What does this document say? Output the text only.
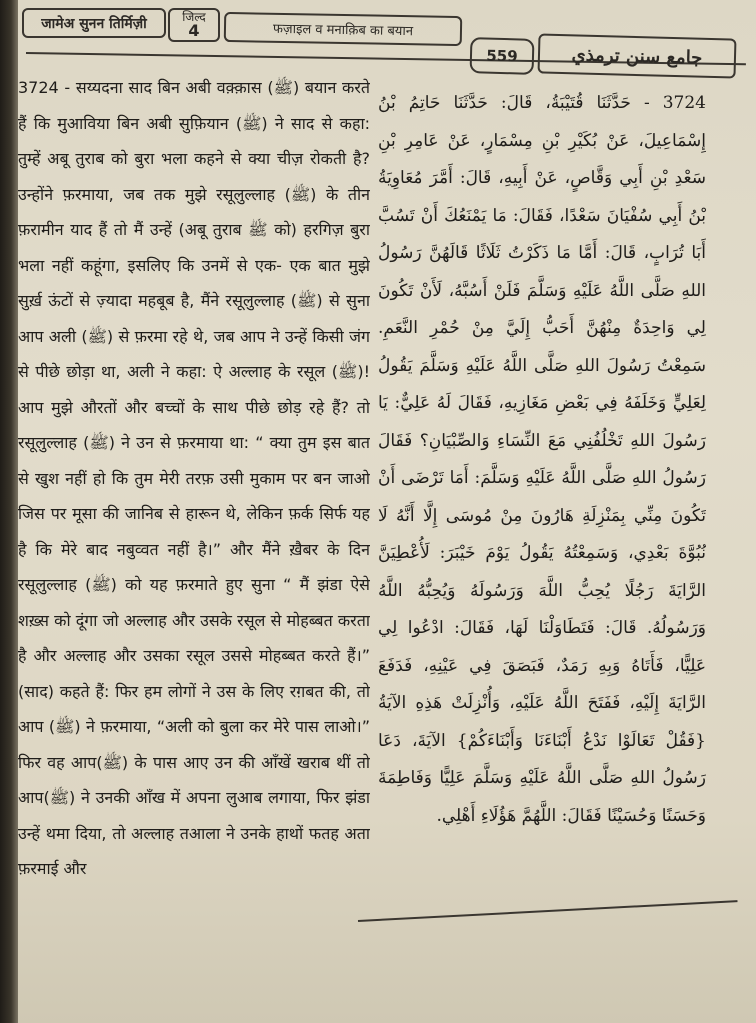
जामेअ सुनन तिर्मिज़ी	जिल्द
4	फज़ाइल व मनाक़िब का बयान
559	جامع سنن ترمذي
3724 - सय्यदना साद बिन अबी वक़्क़ास (ﷺ) बयान करते हैं कि मुआविया बिन अबी सुफ़ियान (ﷺ) ने साद से कहा: तुम्हें अबू तुराब को बुरा भला कहने से क्या चीज़ रोकती है? उन्होंने फ़रमाया, जब तक मुझे रसूलुल्लाह (ﷺ) के तीन फ़रामीन याद हैं तो मैं उन्हें (अबू तुराब ﷺ को) हरगिज़ बुरा भला नहीं कहूंगा, इसलिए कि उनमें से एक- एक बात मुझे सुर्ख़ ऊंटों से ज़्यादा महबूब है, मैंने रसूलुल्लाह (ﷺ) से सुना आप अली (ﷺ) से फ़रमा रहे थे, जब आप ने उन्हें किसी जंग से पीछे छोड़ा था, अली ने कहा: ऐ अल्लाह के रसूल (ﷺ)! आप मुझे औरतों और बच्चों के साथ पीछे छोड़ रहे हैं? तो रसूलुल्लाह (ﷺ) ने उन से फ़रमाया था: “ क्या तुम इस बात से खुश नहीं हो कि तुम मेरी तरफ़ उसी मुकाम पर बन जाओ जिस पर मूसा की जानिब से हारून थे, लेकिन फ़र्क सिर्फ यह है कि मेरे बाद नबुव्वत नहीं है।” और मैंने ख़ैबर के दिन रसूलुल्लाह (ﷺ) को यह फ़रमाते हुए सुना “ मैं झंडा ऐसे शख़्स को दूंगा जो अल्लाह और उसके रसूल से मोहब्बत करता है और अल्लाह और उसका रसूल उससे मोहब्बत करते हैं।” (साद) कहते हैं: फिर हम लोगों ने उस के लिए रग़बत की, तो आप (ﷺ) ने फ़रमाया, “अली को बुला कर मेरे पास लाओ।” फिर वह आप(ﷺ) के पास आए उन की आँखें खराब थीं तो आप(ﷺ) ने उनकी आँख में अपना लुआब लगाया, फिर झंडा उन्हें थमा दिया, तो अल्लाह तआला ने उनके हाथों फतह अता फ़रमाई और
3724 - حَدَّثَنَا قُتَيْبَةُ، قَالَ: حَدَّثَنَا حَاتِمُ بْنُ إِسْمَاعِيلَ، عَنْ بُكَيْرِ بْنِ مِسْمَارٍ، عَنْ عَامِرِ بْنِ سَعْدِ بْنِ أَبِي وَقَّاصٍ، عَنْ أَبِيهِ، قَالَ: أَمَّرَ مُعَاوِيَةُ بْنُ أَبِي سُفْيَانَ سَعْدًا، فَقَالَ: مَا يَمْنَعُكَ أَنْ تَسُبَّ أَبَا تُرَابٍ، قَالَ: أَمَّا مَا ذَكَرْتُ ثَلَاثًا قَالَهُنَّ رَسُولُ اللهِ صَلَّى اللَّهُ عَلَيْهِ وَسَلَّمَ فَلَنْ أَسُبَّهُ، لَأَنْ تَكُونَ لِي وَاحِدَةٌ مِنْهُنَّ أَحَبُّ إِلَيَّ مِنْ حُمْرِ النَّعَمِ. سَمِعْتُ رَسُولَ اللهِ صَلَّى اللَّهُ عَلَيْهِ وَسَلَّمَ يَقُولُ لِعَلِيٍّ وَخَلَفَهُ فِي بَعْضِ مَغَازِيهِ، فَقَالَ لَهُ عَلِيٌّ: يَا رَسُولَ اللهِ تَخْلُفُنِي مَعَ النِّسَاءِ وَالصِّبْيَانِ؟ فَقَالَ رَسُولُ اللهِ صَلَّى اللَّهُ عَلَيْهِ وَسَلَّمَ: أَمَا تَرْضَى أَنْ تَكُونَ مِنِّي بِمَنْزِلَةِ هَارُونَ مِنْ مُوسَى إِلَّا أَنَّهُ لَا نُبُوَّةَ بَعْدِي، وَسَمِعْتُهُ يَقُولُ يَوْمَ خَيْبَرَ: لَأُعْطِيَنَّ الرَّايَةَ رَجُلًا يُحِبُّ اللَّهَ وَرَسُولَهُ وَيُحِبُّهُ اللَّهُ وَرَسُولُهُ. قَالَ: فَتَطَاوَلْنَا لَهَا، فَقَالَ: ادْعُوا لِي عَلِيًّا، فَأَتَاهُ وَبِهِ رَمَدٌ، فَبَصَقَ فِي عَيْنِهِ، فَدَفَعَ الرَّايَةَ إِلَيْهِ، فَفَتَحَ اللَّهُ عَلَيْهِ، وَأُنْزِلَتْ هَذِهِ الآيَةُ {فَقُلْ تَعَالَوْا نَدْعُ أَبْنَاءَنَا وَأَبْنَاءَكُمْ} الآيَةَ، دَعَا رَسُولُ اللهِ صَلَّى اللَّهُ عَلَيْهِ وَسَلَّمَ عَلِيًّا وَفَاطِمَةَ وَحَسَنًا وَحُسَيْنًا فَقَالَ: اللَّهُمَّ هَؤُلَاءِ أَهْلِي.
